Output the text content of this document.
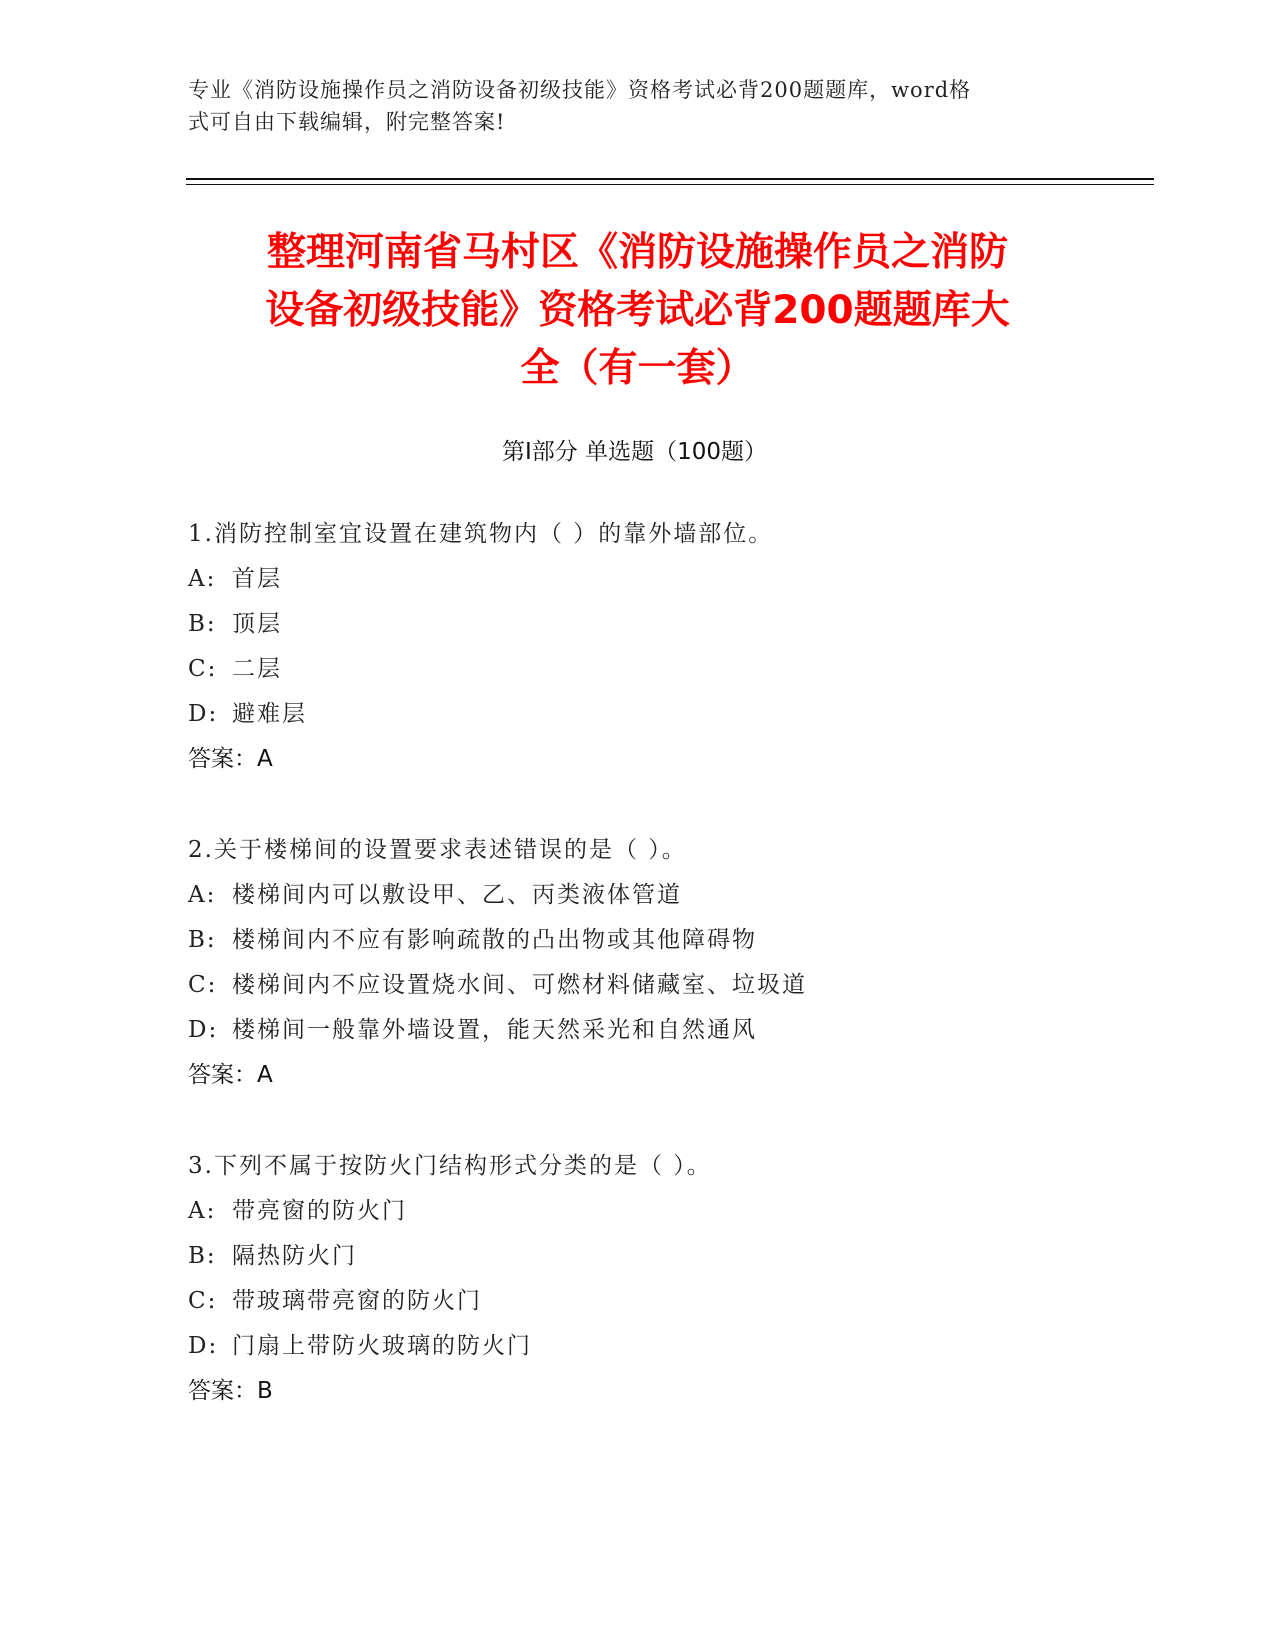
专业《消防设施操作员之消防设备初级技能》资格考试必背200题题库，word格
式可自由下载编辑，附完整答案!
整理河南省马村区《消防设施操作员之消防
设备初级技能》资格考试必背200题题库大
全（有一套）
第Ⅰ部分 单选题（100题）
1.消防控制室宜设置在建筑物内（ ）的靠外墙部位。
A: 首层
B: 顶层
C: 二层
D: 避难层
答案：A
2.关于楼梯间的设置要求表述错误的是（ ）。
A: 楼梯间内可以敷设甲、乙、丙类液体管道
B: 楼梯间内不应有影响疏散的凸出物或其他障碍物
C: 楼梯间内不应设置烧水间、可燃材料储藏室、垃圾道
D: 楼梯间一般靠外墙设置，能天然采光和自然通风
答案：A
3.下列不属于按防火门结构形式分类的是（ ）。
A: 带亮窗的防火门
B: 隔热防火门
C: 带玻璃带亮窗的防火门
D: 门扇上带防火玻璃的防火门
答案：B
